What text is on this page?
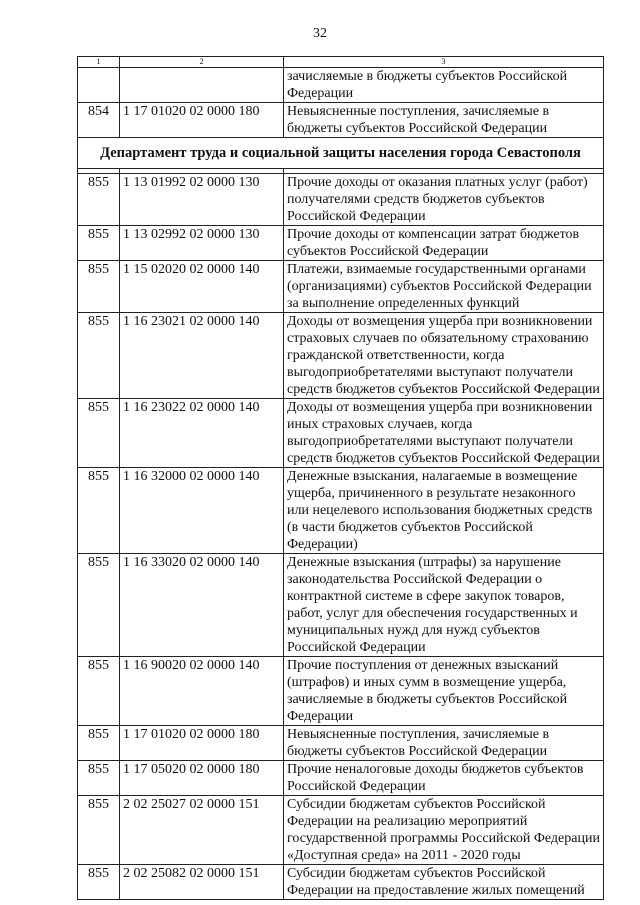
32
1	2	3
		зачисляемые в бюджеты субъектов Российской Федерации
854	1 17 01020 02 0000 180	Невыясненные поступления, зачисляемые в бюджеты субъектов Российской Федерации
Департамент труда и социальной защиты населения города Севастополя		

855	1 13 01992 02 0000 130	Прочие доходы от оказания платных услуг (работ) получателями средств бюджетов субъектов Российской Федерации
855	1 13 02992 02 0000 130	Прочие доходы от компенсации затрат бюджетов субъектов Российской Федерации
855	1 15 02020 02 0000 140	Платежи, взимаемые государственными органами (организациями) субъектов Российской Федерации за выполнение определенных функций
855	1 16 23021 02 0000 140	Доходы от возмещения ущерба при возникновении страховых случаев по обязательному страхованию гражданской ответственности, когда выгодоприобретателями выступают получатели средств бюджетов субъектов Российской Федерации
855	1 16 23022 02 0000 140	Доходы от возмещения ущерба при возникновении иных страховых случаев, когда выгодоприобретателями выступают получатели средств бюджетов субъектов Российской Федерации
855	1 16 32000 02 0000 140	Денежные взыскания, налагаемые в возмещение ущерба, причиненного в результате незаконного или нецелевого использования бюджетных средств (в части бюджетов субъектов Российской Федерации)
855	1 16 33020 02 0000 140	Денежные взыскания (штрафы) за нарушение законодательства Российской Федерации о контрактной системе в сфере закупок товаров, работ, услуг для обеспечения государственных и муниципальных нужд для нужд субъектов Российской Федерации
855	1 16 90020 02 0000 140	Прочие поступления от денежных взысканий (штрафов) и иных сумм в возмещение ущерба, зачисляемые в бюджеты субъектов Российской Федерации
855	1 17 01020 02 0000 180	Невыясненные поступления, зачисляемые в бюджеты субъектов Российской Федерации
855	1 17 05020 02 0000 180	Прочие неналоговые доходы бюджетов субъектов Российской Федерации
855	2 02 25027 02 0000 151	Субсидии бюджетам субъектов Российской Федерации на реализацию мероприятий государственной программы Российской Федерации «Доступная среда» на 2011 - 2020 годы
855	2 02 25082 02 0000 151	Субсидии бюджетам субъектов Российской Федерации на предоставление жилых помещений
